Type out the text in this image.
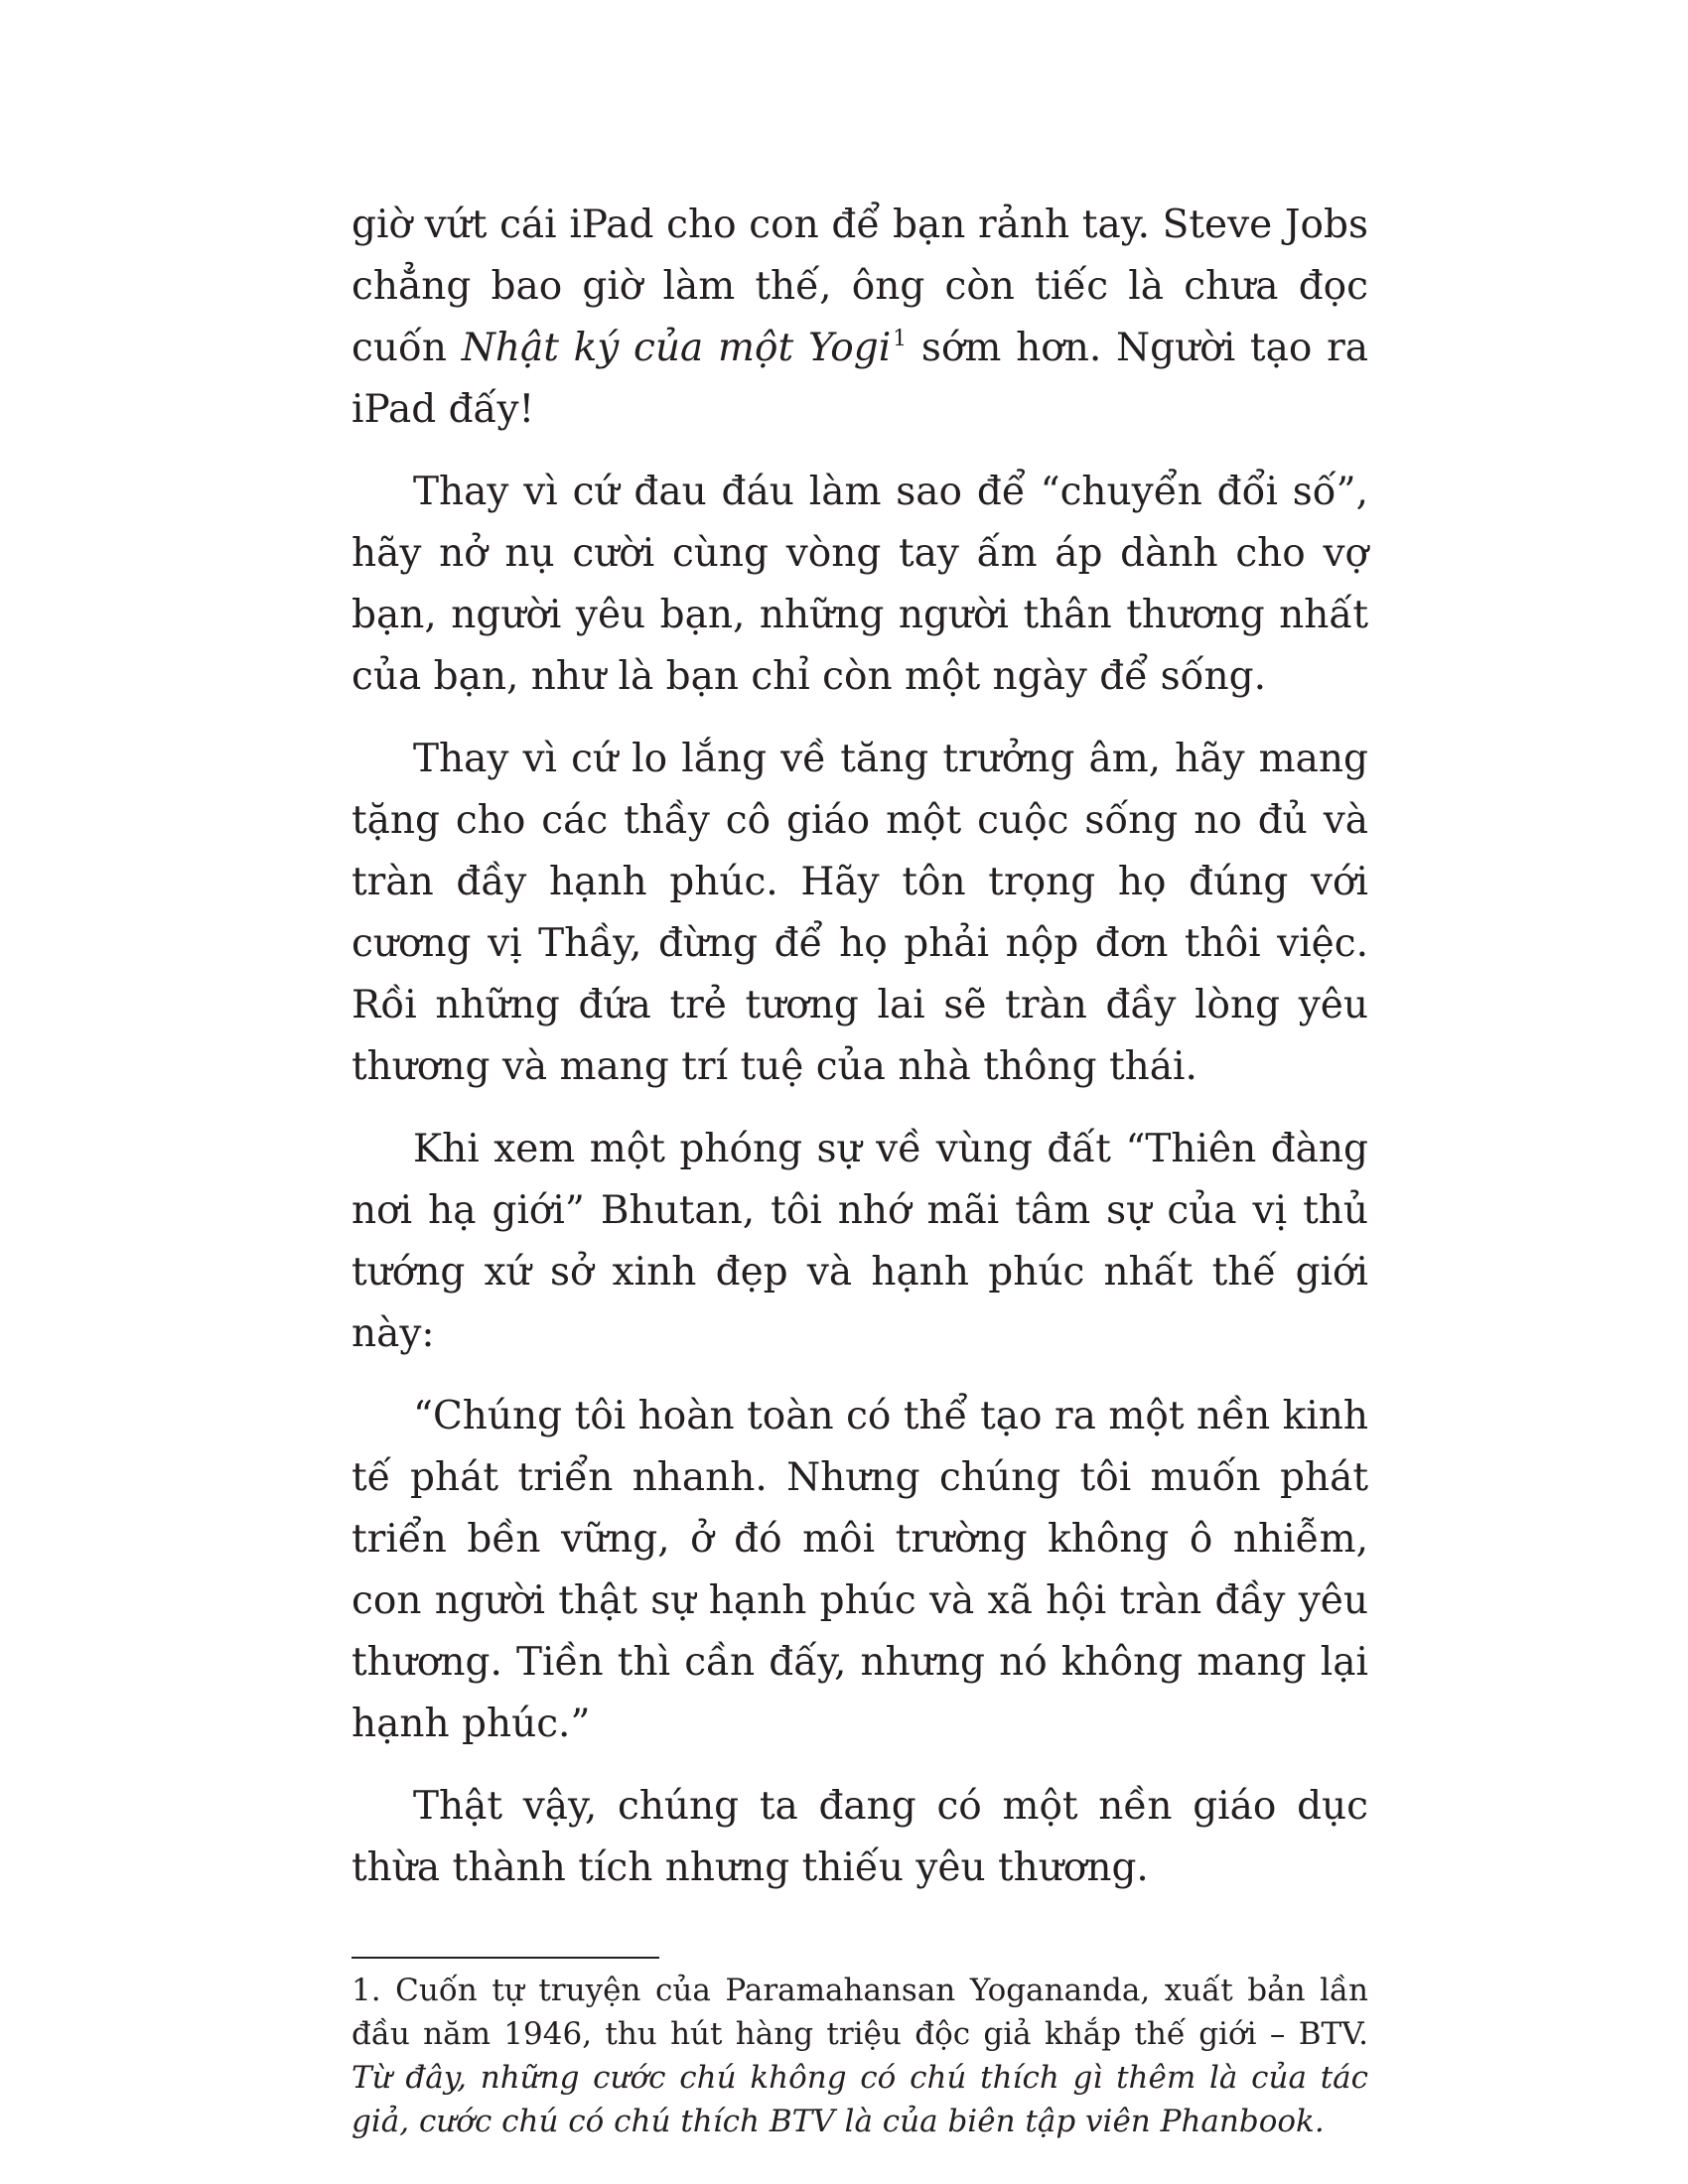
giờ vứt cái iPad cho con để bạn rảnh tay. Steve Jobs chẳng bao giờ làm thế, ông còn tiếc là chưa đọc cuốn Nhật ký của một Yogi$^1$ sớm hơn. Người tạo ra iPad đấy!

Thay vì cứ đau đáu làm sao để “chuyển đổi số”, hãy nở nụ cười cùng vòng tay ấm áp dành cho vợ bạn, người yêu bạn, những người thân thương nhất của bạn, như là bạn chỉ còn một ngày để sống.

Thay vì cứ lo lắng về tăng trưởng âm, hãy mang tặng cho các thầy cô giáo một cuộc sống no đủ và tràn đầy hạnh phúc. Hãy tôn trọng họ đúng với cương vị Thầy, đừng để họ phải nộp đơn thôi việc. Rồi những đứa trẻ tương lai sẽ tràn đầy lòng yêu thương và mang trí tuệ của nhà thông thái.

Khi xem một phóng sự về vùng đất “Thiên đàng nơi hạ giới” Bhutan, tôi nhớ mãi tâm sự của vị thủ tướng xứ sở xinh đẹp và hạnh phúc nhất thế giới này:

“Chúng tôi hoàn toàn có thể tạo ra một nền kinh tế phát triển nhanh. Nhưng chúng tôi muốn phát triển bền vững, ở đó môi trường không ô nhiễm, con người thật sự hạnh phúc và xã hội tràn đầy yêu thương. Tiền thì cần đấy, nhưng nó không mang lại hạnh phúc.”

Thật vậy, chúng ta đang có một nền giáo dục thừa thành tích nhưng thiếu yêu thương.

1. Cuốn tự truyện của Paramahansan Yogananda, xuất bản lần đầu năm 1946, thu hút hàng triệu độc giả khắp thế giới – BTV. Từ đây, những cước chú không có chú thích gì thêm là của tác giả, cước chú có chú thích BTV là của biên tập viên Phanbook.
